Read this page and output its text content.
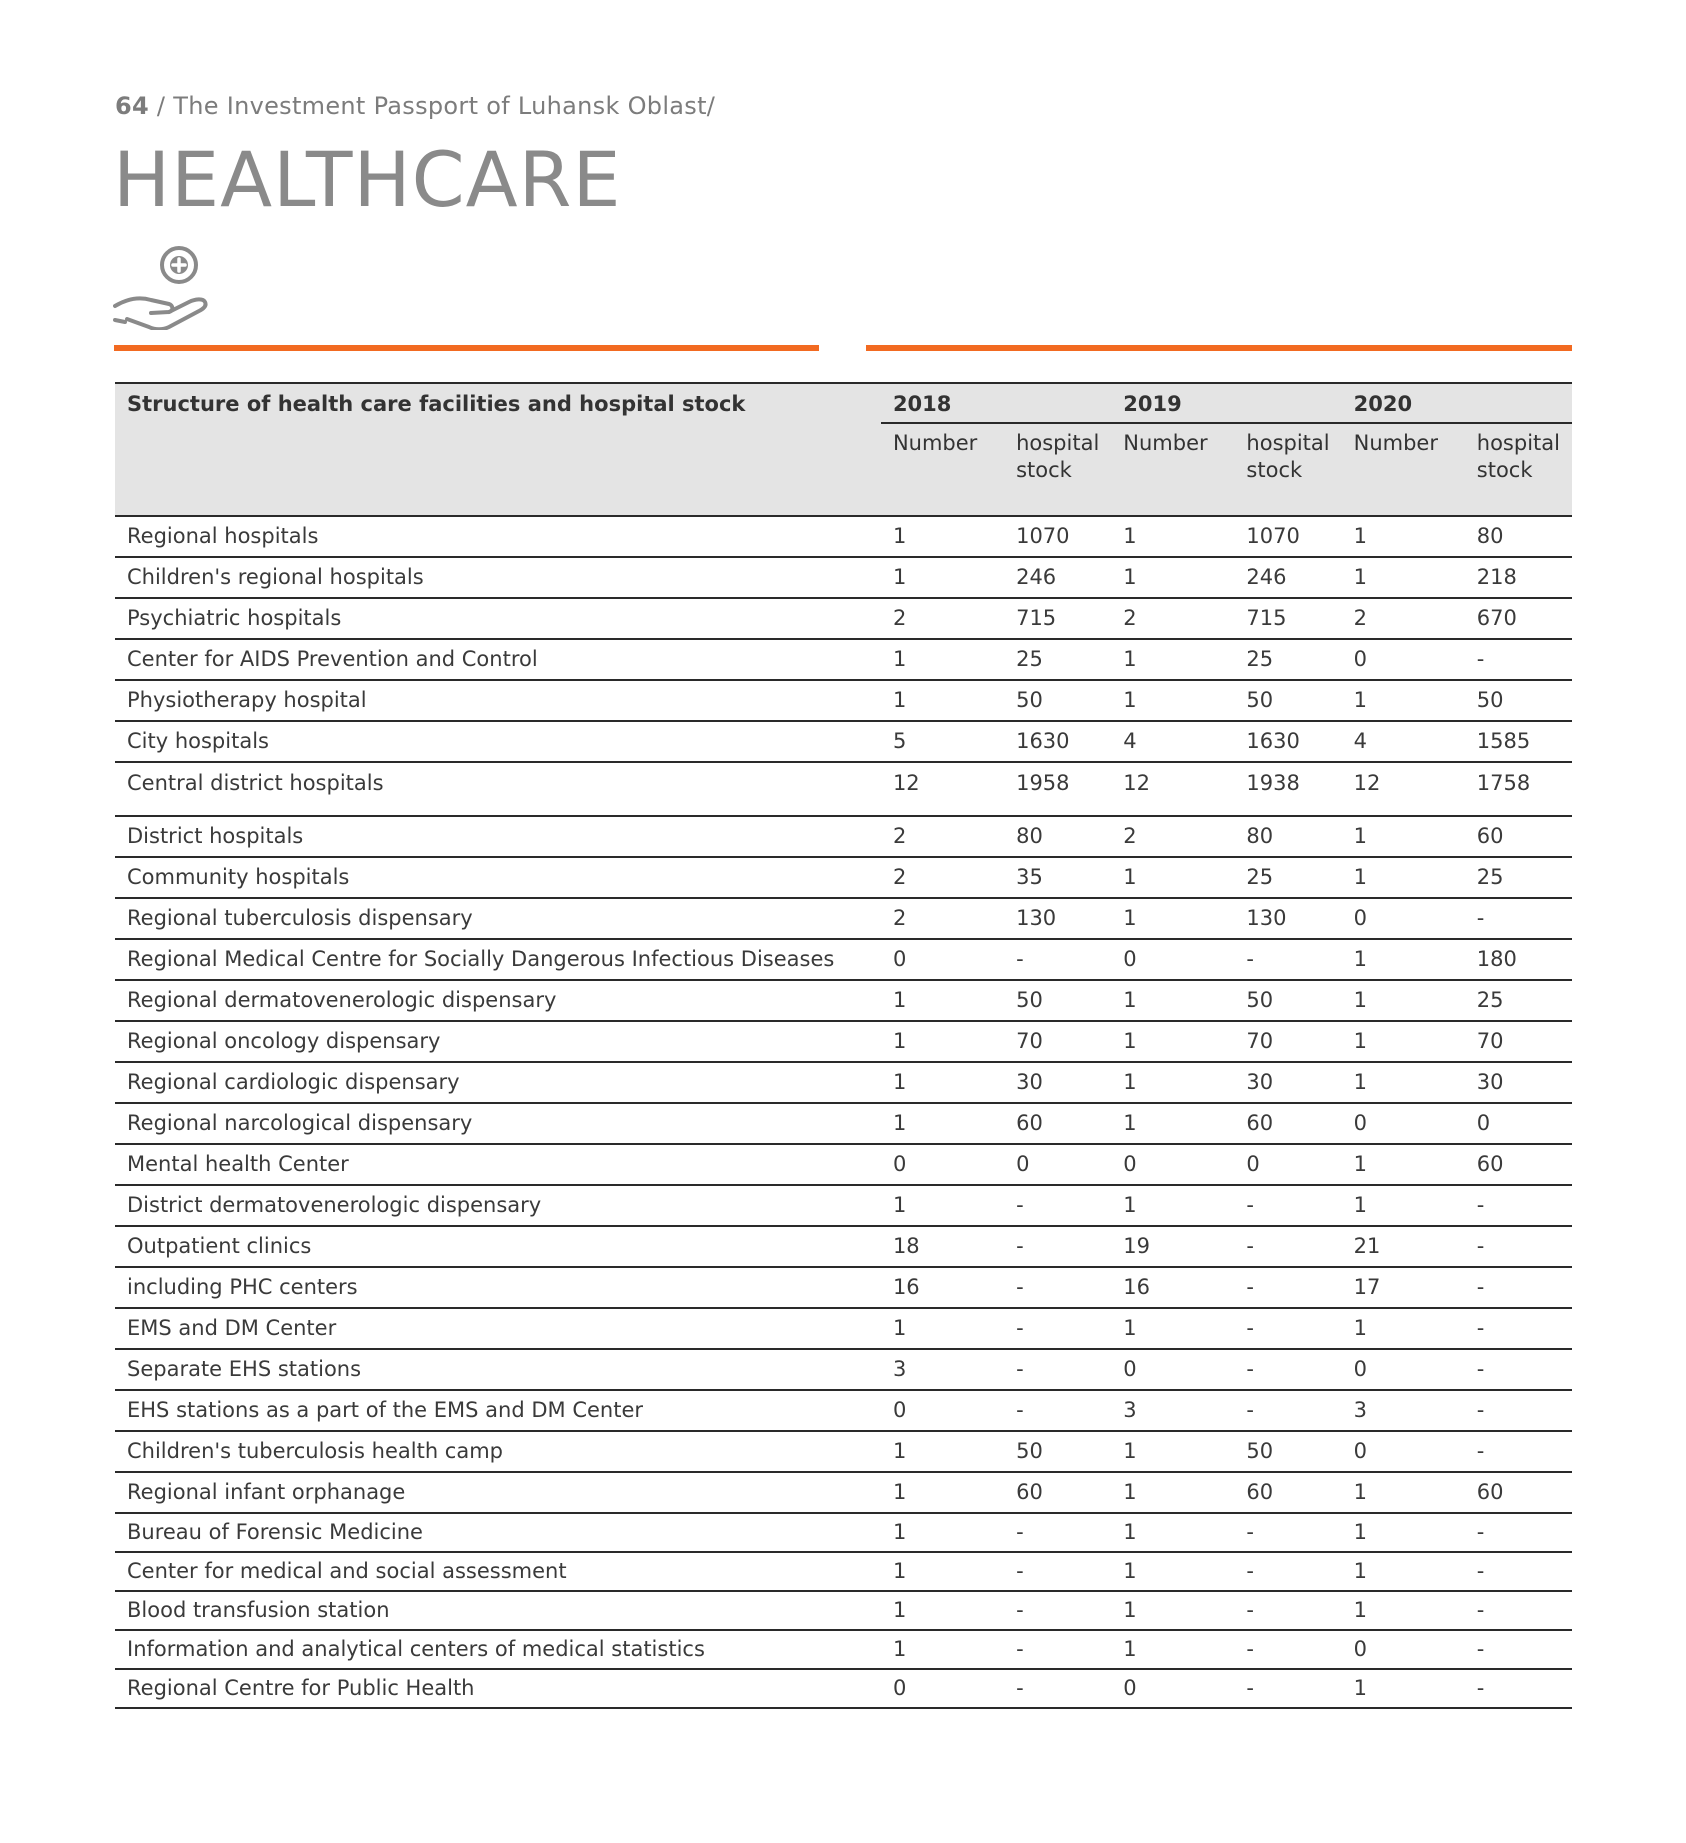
64 / The Investment Passport of Luhansk Oblast/
HEALTHCARE
Structure of health care facilities and hospital stock	2018		2019		2020	
	Number	hospital stock	Number	hospital stock	Number	hospital stock
Regional hospitals	1	1070	1	1070	1	80
Children's regional hospitals	1	246	1	246	1	218
Psychiatric hospitals	2	715	2	715	2	670
Center for AIDS Prevention and Control	1	25	1	25	0	-
Physiotherapy hospital	1	50	1	50	1	50
City hospitals	5	1630	4	1630	4	1585
Central district hospitals	12	1958	12	1938	12	1758
District hospitals	2	80	2	80	1	60
Community hospitals	2	35	1	25	1	25
Regional tuberculosis dispensary	2	130	1	130	0	-
Regional Medical Centre for Socially Dangerous Infectious Diseases	0	-	0	-	1	180
Regional dermatovenerologic dispensary	1	50	1	50	1	25
Regional oncology dispensary	1	70	1	70	1	70
Regional cardiologic dispensary	1	30	1	30	1	30
Regional narcological dispensary	1	60	1	60	0	0
Mental health Center	0	0	0	0	1	60
District dermatovenerologic dispensary	1	-	1	-	1	-
Outpatient clinics	18	-	19	-	21	-
including PHC centers	16	-	16	-	17	-
EMS and DM Center	1	-	1	-	1	-
Separate EHS stations	3	-	0	-	0	-
EHS stations as a part of the EMS and DM Center	0	-	3	-	3	-
Children's tuberculosis health camp	1	50	1	50	0	-
Regional infant orphanage	1	60	1	60	1	60
Bureau of Forensic Medicine	1	-	1	-	1	-
Center for medical and social assessment	1	-	1	-	1	-
Blood transfusion station	1	-	1	-	1	-
Information and analytical centers of medical statistics	1	-	1	-	0	-
Regional Centre for Public Health	0	-	0	-	1	-
